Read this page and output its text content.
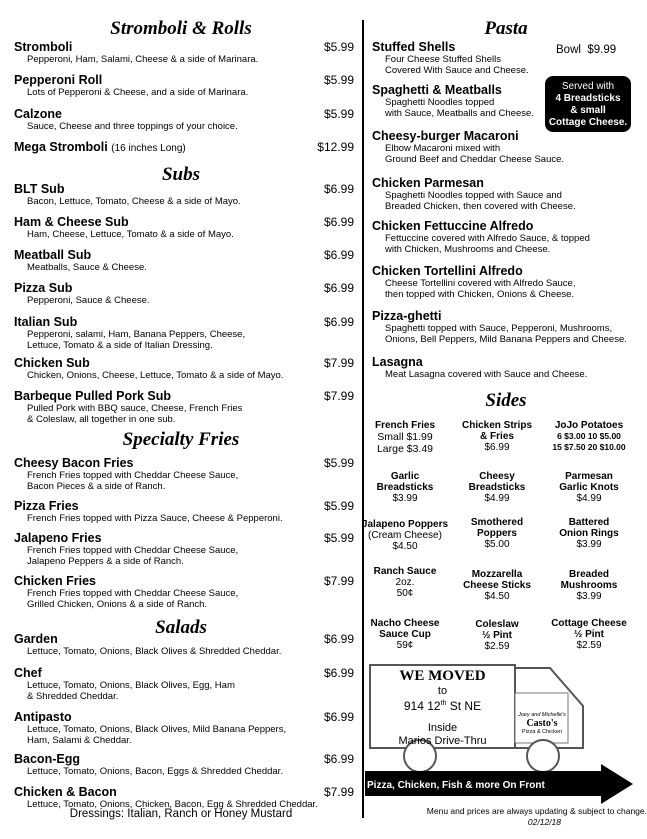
Stromboli & Rolls
Stromboli	$5.99
Pepperoni, Ham, Salami, Cheese & a side of Marinara.
Pepperoni Roll	$5.99
Lots of Pepperoni & Cheese, and a side of Marinara.
Calzone	$5.99
Sauce, Cheese and three toppings of your choice.
Mega Stromboli (16 inches Long)	$12.99
Subs
BLT Sub	$6.99
Bacon, Lettuce, Tomato, Cheese & a side of Mayo.
Ham & Cheese Sub	$6.99
Ham, Cheese, Lettuce, Tomato & a side of Mayo.
Meatball Sub	$6.99
Meatballs, Sauce & Cheese.
Pizza Sub	$6.99
Pepperoni, Sauce & Cheese.
Italian Sub	$6.99
Pepperoni, salami, Ham, Banana Peppers, Cheese,
Lettuce, Tomato & a side of Italian Dressing.
Chicken Sub	$7.99
Chicken, Onions, Cheese, Lettuce, Tomato & a side of Mayo.
Barbeque Pulled Pork Sub	$7.99
Pulled Pork with BBQ sauce, Cheese, French Fries
& Coleslaw, all together in one sub.
Specialty Fries
Cheesy Bacon Fries	$5.99
French Fries topped with Cheddar Cheese Sauce,
Bacon Pieces & a side of Ranch.
Pizza Fries	$5.99
French Fries topped with Pizza Sauce, Cheese & Pepperoni.
Jalapeno Fries	$5.99
French Fries topped with Cheddar Cheese Sauce,
Jalapeno Peppers & a side of Ranch.
Chicken Fries	$7.99
French Fries topped with Cheddar Cheese Sauce,
Grilled Chicken, Onions & a side of Ranch.
Salads
Garden	$6.99
Lettuce, Tomato, Onions, Black Olives & Shredded Cheddar.
Chef	$6.99
Lettuce, Tomato, Onions, Black Olives, Egg, Ham
& Shredded Cheddar.
Antipasto	$6.99
Lettuce, Tomato, Onions, Black Olives, Mild Banana Peppers,
Ham, Salami & Cheddar.
Bacon-Egg	$6.99
Lettuce, Tomato, Onions, Bacon, Eggs & Shredded Cheddar.
Chicken & Bacon	$7.99
Lettuce, Tomato, Onions, Chicken, Bacon, Egg & Shredded Cheddar.
Dressings: Italian, Ranch or Honey Mustard
Pasta
Bowl $9.99
Served with
4 Breadsticks
& small
Cottage Cheese.
Stuffed Shells
Four Cheese Stuffed Shells
Covered With Sauce and Cheese.
Spaghetti & Meatballs
Spaghetti Noodles topped
with Sauce, Meatballs and Cheese.
Cheesy-burger Macaroni
Elbow Macaroni mixed with
Ground Beef and Cheddar Cheese Sauce.
Chicken Parmesan
Spaghetti Noodles topped with Sauce and
Breaded Chicken, then covered with Cheese.
Chicken Fettuccine Alfredo
Fettuccine covered with Alfredo Sauce, & topped
with Chicken, Mushrooms and Cheese.
Chicken Tortellini Alfredo
Cheese Tortellini covered with Alfredo Sauce,
then topped with Chicken, Onions & Cheese.
Pizza-ghetti
Spaghetti topped with Sauce, Pepperoni, Mushrooms,
Onions, Bell Peppers, Mild Banana Peppers and Cheese.
Lasagna
Meat Lasagna covered with Sauce and Cheese.
Sides
French Fries
Small $1.99
Large $3.49
Chicken Strips
& Fries
$6.99
JoJo Potatoes
6 $3.00 10 $5.00
15 $7.50 20 $10.00
Garlic
Breadsticks
$3.99
Cheesy
Breadsticks
$4.99
Parmesan
Garlic Knots
$4.99
Jalapeno Poppers
(Cream Cheese)
$4.50
Smothered
Poppers
$5.00
Battered
Onion Rings
$3.99
Ranch Sauce
2oz.
50¢
Mozzarella
Cheese Sticks
$4.50
Breaded
Mushrooms
$3.99
Nacho Cheese
Sauce Cup
59¢
Coleslaw
½ Pint
$2.59
Cottage Cheese
½ Pint
$2.59
WE MOVED
to
914 12th St NE
Inside
Marios Drive-Thru
Joey and Michelle's
Casto's
Pizza & Chicken
Pizza, Chicken, Fish & more On Front
Menu and prices are always updating & subject to change.
02/12/18
